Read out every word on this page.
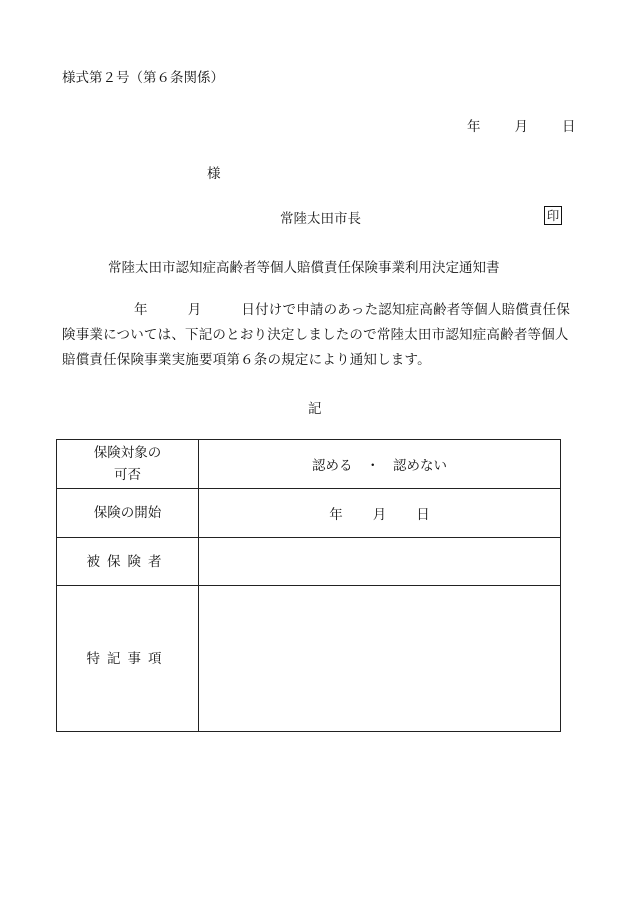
様式第２号（第６条関係）
年	月	日
様
常陸太田市長	印
常陸太田市認知症高齢者等個人賠償責任保険事業利用決定通知書
年	月	日付けで申請のあった認知症高齢者等個人賠償責任保険事業については、下記のとおり決定しましたので常陸太田市認知症高齢者等個人賠償責任保険事業実施要項第６条の規定により通知します。
記
保険対象の
可否	認める　・　認めない
保険の開始	年 月 日
被保険者	
特記事項	
